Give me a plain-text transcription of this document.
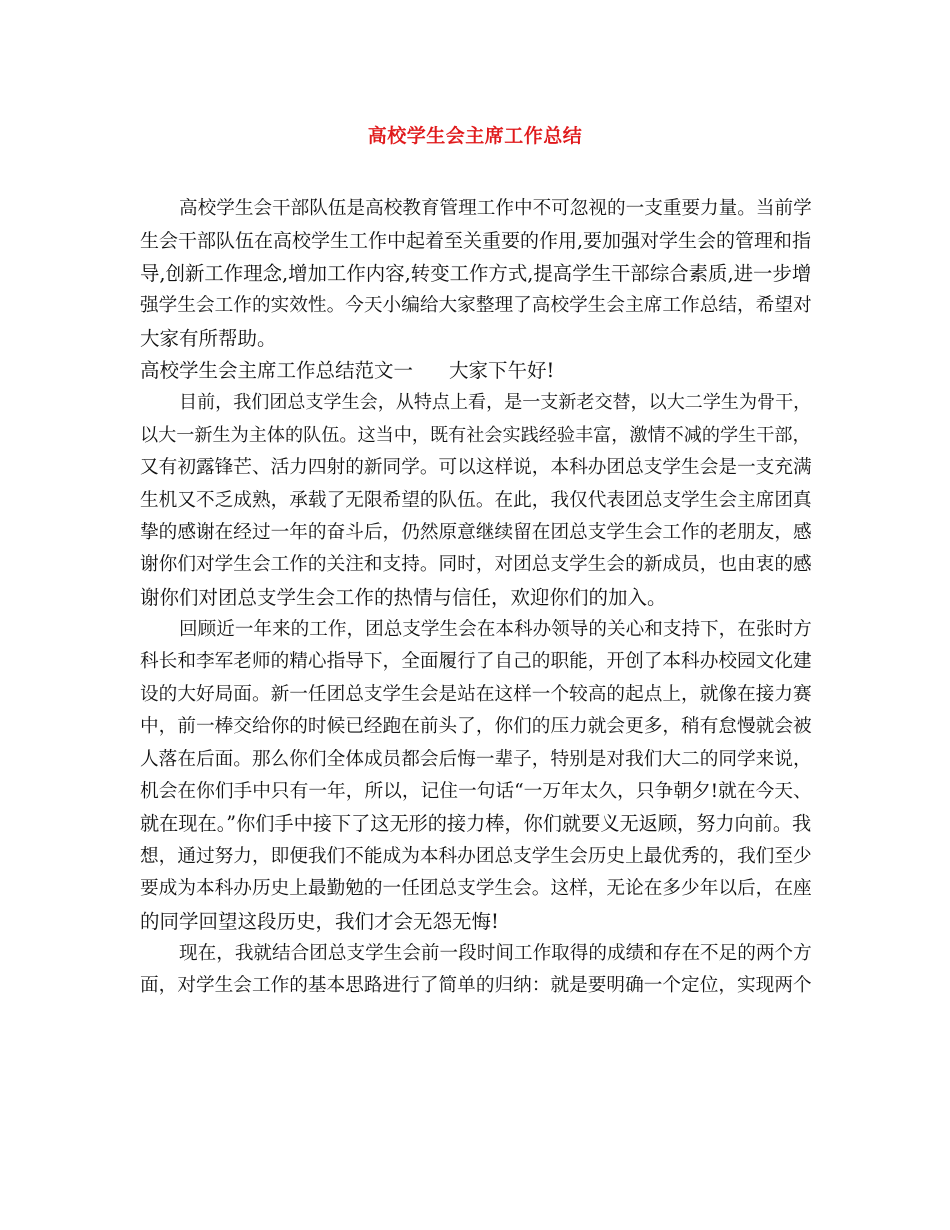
高校学生会主席工作总结
高校学生会干部队伍是高校教育管理工作中不可忽视的一支重要力量。当前学
生会干部队伍在高校学生工作中起着至关重要的作用,要加强对学生会的管理和指
导,创新工作理念,增加工作内容,转变工作方式,提高学生干部综合素质,进一步增
强学生会工作的实效性。今天小编给大家整理了高校学生会主席工作总结，希望对
大家有所帮助。
高校学生会主席工作总结范文一 大家下午好!
目前，我们团总支学生会，从特点上看，是一支新老交替，以大二学生为骨干，
以大一新生为主体的队伍。这当中，既有社会实践经验丰富，激情不减的学生干部，
又有初露锋芒、活力四射的新同学。可以这样说，本科办团总支学生会是一支充满
生机又不乏成熟，承载了无限希望的队伍。在此，我仅代表团总支学生会主席团真
挚的感谢在经过一年的奋斗后，仍然原意继续留在团总支学生会工作的老朋友，感
谢你们对学生会工作的关注和支持。同时，对团总支学生会的新成员，也由衷的感
谢你们对团总支学生会工作的热情与信任，欢迎你们的加入。
回顾近一年来的工作，团总支学生会在本科办领导的关心和支持下，在张时方
科长和李军老师的精心指导下，全面履行了自己的职能，开创了本科办校园文化建
设的大好局面。新一任团总支学生会是站在这样一个较高的起点上，就像在接力赛
中，前一棒交给你的时候已经跑在前头了，你们的压力就会更多，稍有怠慢就会被
人落在后面。那么你们全体成员都会后悔一辈子，特别是对我们大二的同学来说，
机会在你们手中只有一年，所以，记住一句话“一万年太久，只争朝夕!就在今天、
就在现在。”你们手中接下了这无形的接力棒，你们就要义无返顾，努力向前。我
想，通过努力，即便我们不能成为本科办团总支学生会历史上最优秀的，我们至少
要成为本科办历史上最勤勉的一任团总支学生会。这样，无论在多少年以后，在座
的同学回望这段历史，我们才会无怨无悔!
现在，我就结合团总支学生会前一段时间工作取得的成绩和存在不足的两个方
面，对学生会工作的基本思路进行了简单的归纳：就是要明确一个定位，实现两个
